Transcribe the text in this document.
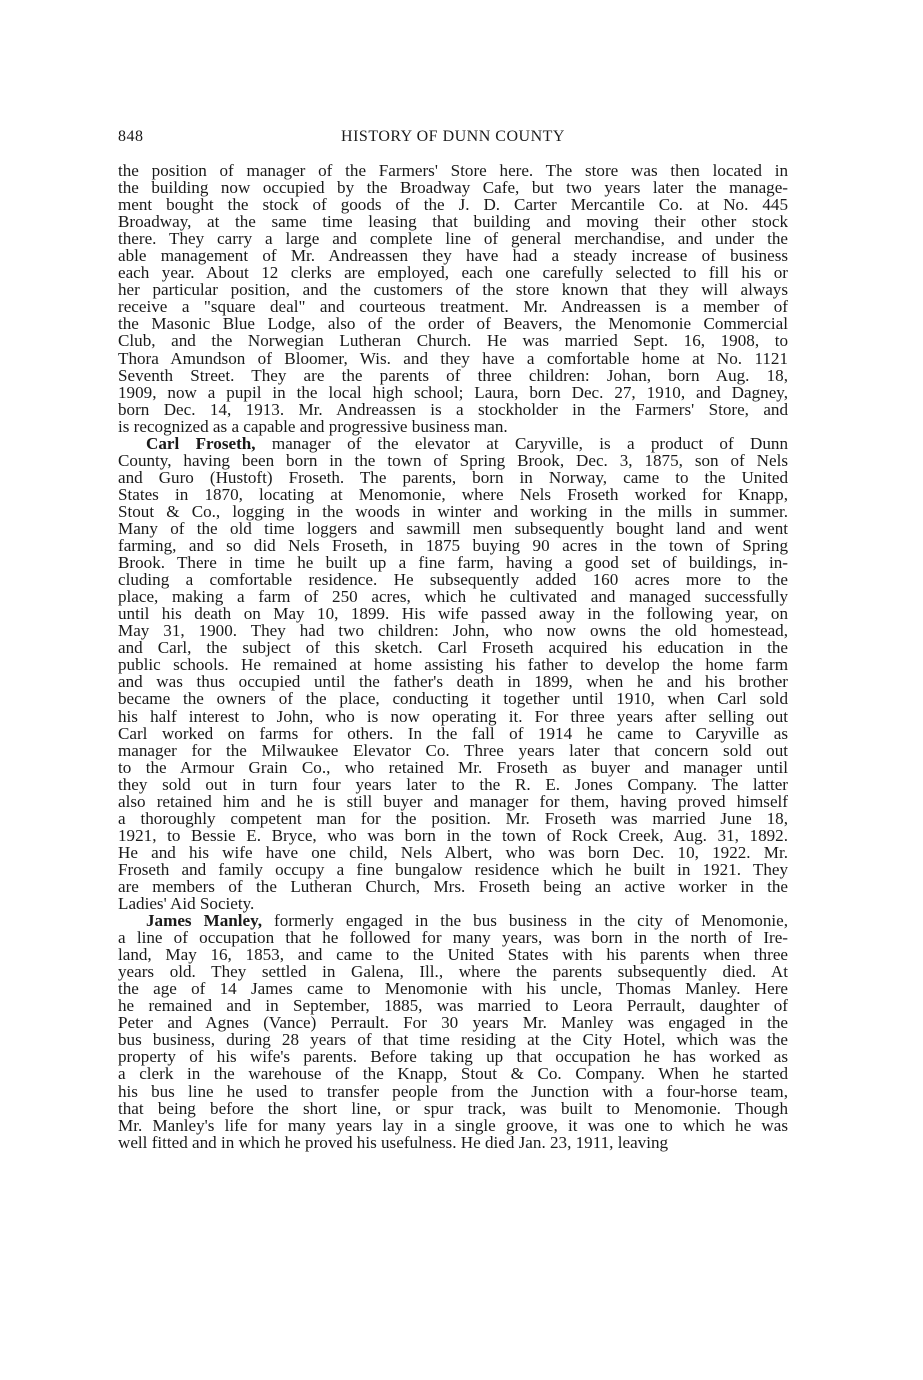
848	HISTORY OF DUNN COUNTY
the position of manager of the Farmers' Store here. The store was then located in
the building now occupied by the Broadway Cafe, but two years later the manage-
ment bought the stock of goods of the J. D. Carter Mercantile Co. at No. 445
Broadway, at the same time leasing that building and moving their other stock
there. They carry a large and complete line of general merchandise, and under the
able management of Mr. Andreassen they have had a steady increase of business
each year. About 12 clerks are employed, each one carefully selected to fill his or
her particular position, and the customers of the store known that they will always
receive a "square deal" and courteous treatment. Mr. Andreassen is a member of
the Masonic Blue Lodge, also of the order of Beavers, the Menomonie Commercial
Club, and the Norwegian Lutheran Church. He was married Sept. 16, 1908, to
Thora Amundson of Bloomer, Wis. and they have a comfortable home at No. 1121
Seventh Street. They are the parents of three children: Johan, born Aug. 18,
1909, now a pupil in the local high school; Laura, born Dec. 27, 1910, and Dagney,
born Dec. 14, 1913. Mr. Andreassen is a stockholder in the Farmers' Store, and
is recognized as a capable and progressive business man.
Carl Froseth, manager of the elevator at Caryville, is a product of Dunn
County, having been born in the town of Spring Brook, Dec. 3, 1875, son of Nels
and Guro (Hustoft) Froseth. The parents, born in Norway, came to the United
States in 1870, locating at Menomonie, where Nels Froseth worked for Knapp,
Stout & Co., logging in the woods in winter and working in the mills in summer.
Many of the old time loggers and sawmill men subsequently bought land and went
farming, and so did Nels Froseth, in 1875 buying 90 acres in the town of Spring
Brook. There in time he built up a fine farm, having a good set of buildings, in-
cluding a comfortable residence. He subsequently added 160 acres more to the
place, making a farm of 250 acres, which he cultivated and managed successfully
until his death on May 10, 1899. His wife passed away in the following year, on
May 31, 1900. They had two children: John, who now owns the old homestead,
and Carl, the subject of this sketch. Carl Froseth acquired his education in the
public schools. He remained at home assisting his father to develop the home farm
and was thus occupied until the father's death in 1899, when he and his brother
became the owners of the place, conducting it together until 1910, when Carl sold
his half interest to John, who is now operating it. For three years after selling out
Carl worked on farms for others. In the fall of 1914 he came to Caryville as
manager for the Milwaukee Elevator Co. Three years later that concern sold out
to the Armour Grain Co., who retained Mr. Froseth as buyer and manager until
they sold out in turn four years later to the R. E. Jones Company. The latter
also retained him and he is still buyer and manager for them, having proved himself
a thoroughly competent man for the position. Mr. Froseth was married June 18,
1921, to Bessie E. Bryce, who was born in the town of Rock Creek, Aug. 31, 1892.
He and his wife have one child, Nels Albert, who was born Dec. 10, 1922. Mr.
Froseth and family occupy a fine bungalow residence which he built in 1921. They
are members of the Lutheran Church, Mrs. Froseth being an active worker in the
Ladies' Aid Society.
James Manley, formerly engaged in the bus business in the city of Menomonie,
a line of occupation that he followed for many years, was born in the north of Ire-
land, May 16, 1853, and came to the United States with his parents when three
years old. They settled in Galena, Ill., where the parents subsequently died. At
the age of 14 James came to Menomonie with his uncle, Thomas Manley. Here
he remained and in September, 1885, was married to Leora Perrault, daughter of
Peter and Agnes (Vance) Perrault. For 30 years Mr. Manley was engaged in the
bus business, during 28 years of that time residing at the City Hotel, which was the
property of his wife's parents. Before taking up that occupation he has worked as
a clerk in the warehouse of the Knapp, Stout & Co. Company. When he started
his bus line he used to transfer people from the Junction with a four-horse team,
that being before the short line, or spur track, was built to Menomonie. Though
Mr. Manley's life for many years lay in a single groove, it was one to which he was
well fitted and in which he proved his usefulness. He died Jan. 23, 1911, leaving
